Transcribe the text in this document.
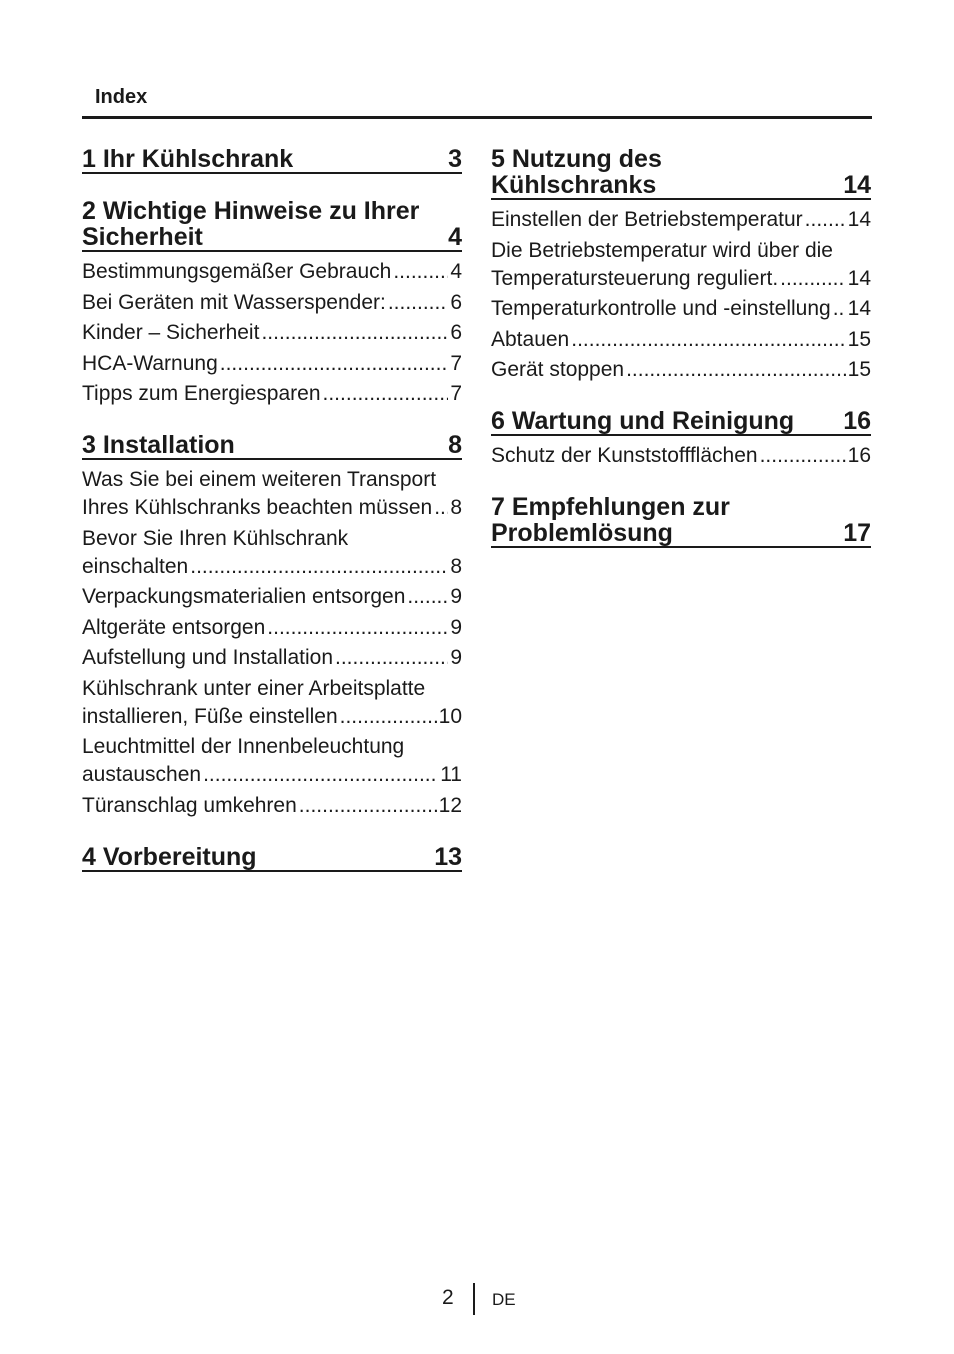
Index
1 Ihr Kühlschrank	3
2 Wichtige Hinweise zu Ihrer
Sicherheit	4
Bestimmungsgemäßer Gebrauch .....	4
Bei Geräten mit Wasserspender: .....	6
Kinder – Sicherheit .....	6
HCA-Warnung .....	7
Tipps zum Energiesparen .....	7
3 Installation	8
Was Sie bei einem weiteren Transport
Ihres Kühlschranks beachten müssen ..... 8
Bevor Sie Ihren Kühlschrank
einschalten .....	8
Verpackungsmaterialien entsorgen ..... 9
Altgeräte entsorgen .....	9
Aufstellung und Installation .....	9
Kühlschrank unter einer Arbeitsplatte
installieren, Füße einstellen .....	10
Leuchtmittel der Innenbeleuchtung
austauschen .....	11
Türanschlag umkehren .....	12
4 Vorbereitung	13
5 Nutzung des
Kühlschranks	14
Einstellen der Betriebstemperatur ..... 14
Die Betriebstemperatur wird über die
Temperatursteuerung reguliert. .....	14
Temperaturkontrolle und -einstellung ..... 14
Abtauen .....	15
Gerät stoppen .....	15
6 Wartung und Reinigung	16
Schutz der Kunststoffflächen .....	16
7 Empfehlungen zur
Problemlösung	17
2 DE
